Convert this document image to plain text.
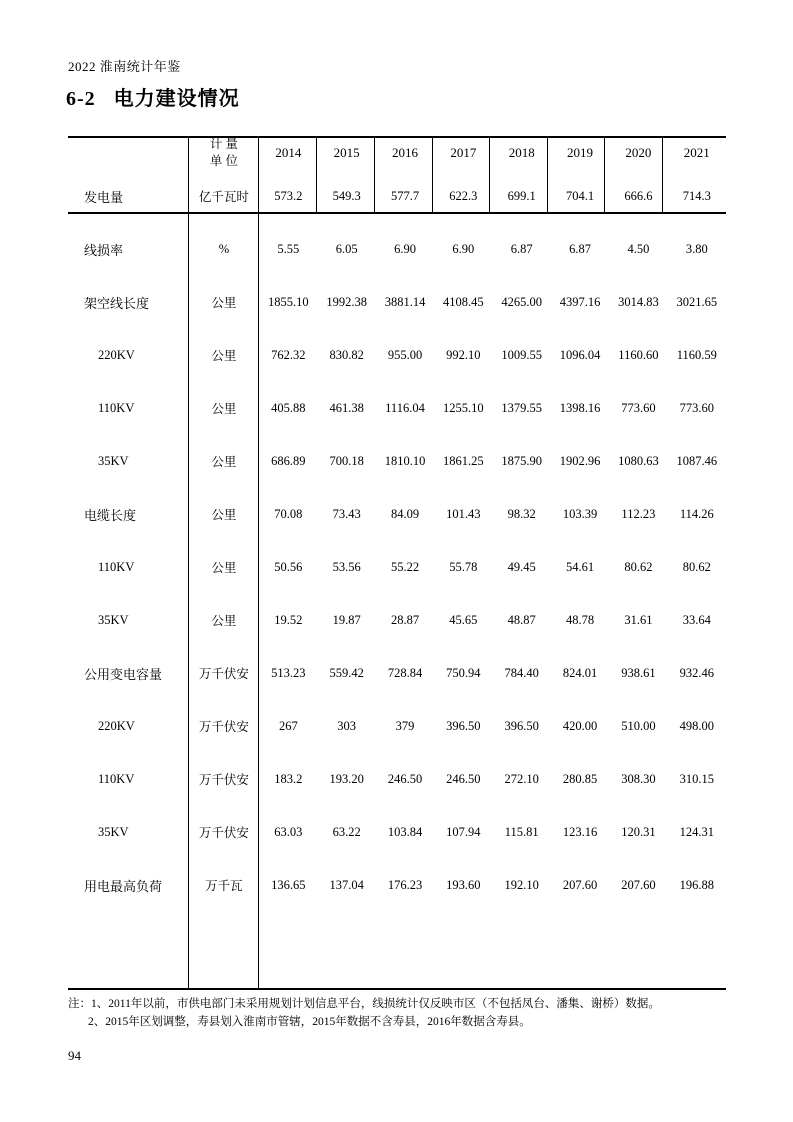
2022 淮南统计年鉴
6-2 电力建设情况

	计 量
单 位	2014	2015	2016	2017	2018	2019	2020	2021
发电量	亿千瓦时	573.2	549.3	577.7	622.3	699.1	704.1	666.6	714.3
线损率	%	5.55	6.05	6.90	6.90	6.87	6.87	4.50	3.80
架空线长度	公里	1855.10	1992.38	3881.14	4108.45	4265.00	4397.16	3014.83	3021.65
220KV	公里	762.32	830.82	955.00	992.10	1009.55	1096.04	1160.60	1160.59
110KV	公里	405.88	461.38	1116.04	1255.10	1379.55	1398.16	773.60	773.60
35KV	公里	686.89	700.18	1810.10	1861.25	1875.90	1902.96	1080.63	1087.46
电缆长度	公里	70.08	73.43	84.09	101.43	98.32	103.39	112.23	114.26
110KV	公里	50.56	53.56	55.22	55.78	49.45	54.61	80.62	80.62
35KV	公里	19.52	19.87	28.87	45.65	48.87	48.78	31.61	33.64
公用变电容量	万千伏安	513.23	559.42	728.84	750.94	784.40	824.01	938.61	932.46
220KV	万千伏安	267	303	379	396.50	396.50	420.00	510.00	498.00
110KV	万千伏安	183.2	193.20	246.50	246.50	272.10	280.85	308.30	310.15
35KV	万千伏安	63.03	63.22	103.84	107.94	115.81	123.16	120.31	124.31
用电最高负荷	万千瓦	136.65	137.04	176.23	193.60	192.10	207.60	207.60	196.88
注：1、2011年以前，市供电部门未采用规划计划信息平台，线损统计仅反映市区（不包括凤台、潘集、谢桥）数据。
2、2015年区划调整，寿县划入淮南市管辖，2015年数据不含寿县，2016年数据含寿县。
94
